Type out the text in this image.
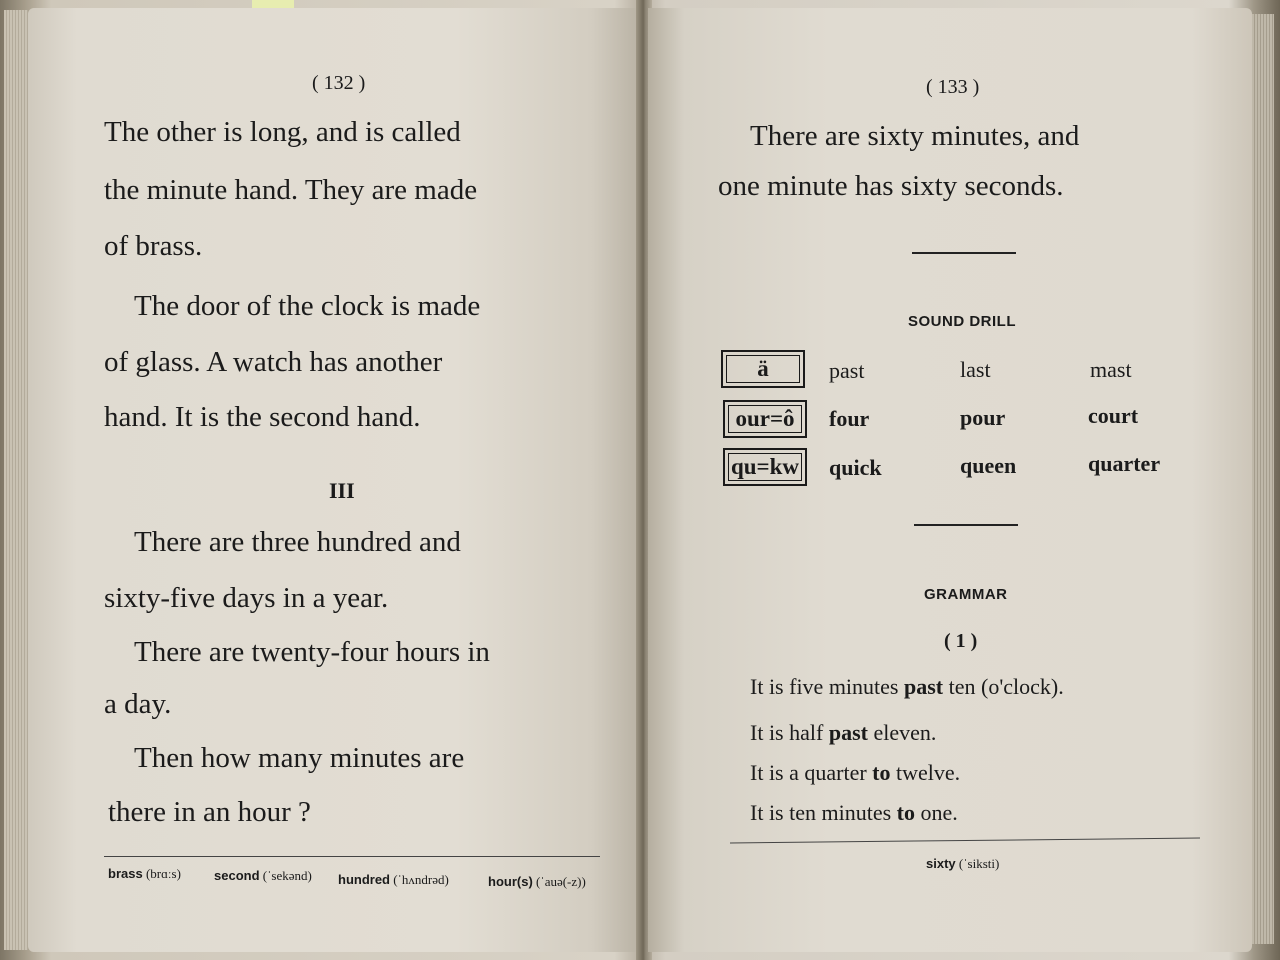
( 132 )
The other is long, and is called
the minute hand. They are made
of brass.
The door of the clock is made
of glass. A watch has another
hand. It is the second hand.
III
There are three hundred and
sixty-five days in a year.
There are twenty-four hours in
a day.
Then how many minutes are
there in an hour ?
brass (brɑːs)	second (ˈsekənd) hundred (ˈhʌndrəd)	hour(s) (ˈauə(-z))
( 133 )
There are sixty minutes, and
one minute has sixty seconds.
SOUND DRILL
ä	past	last	mast
our=ô	four	pour	court
qu=kw	quick	queen	quarter
GRAMMAR
( 1 )
It is five minutes past ten (o'clock).
It is half past eleven.
It is a quarter to twelve.
It is ten minutes to one.
sixty (ˈsiksti)
